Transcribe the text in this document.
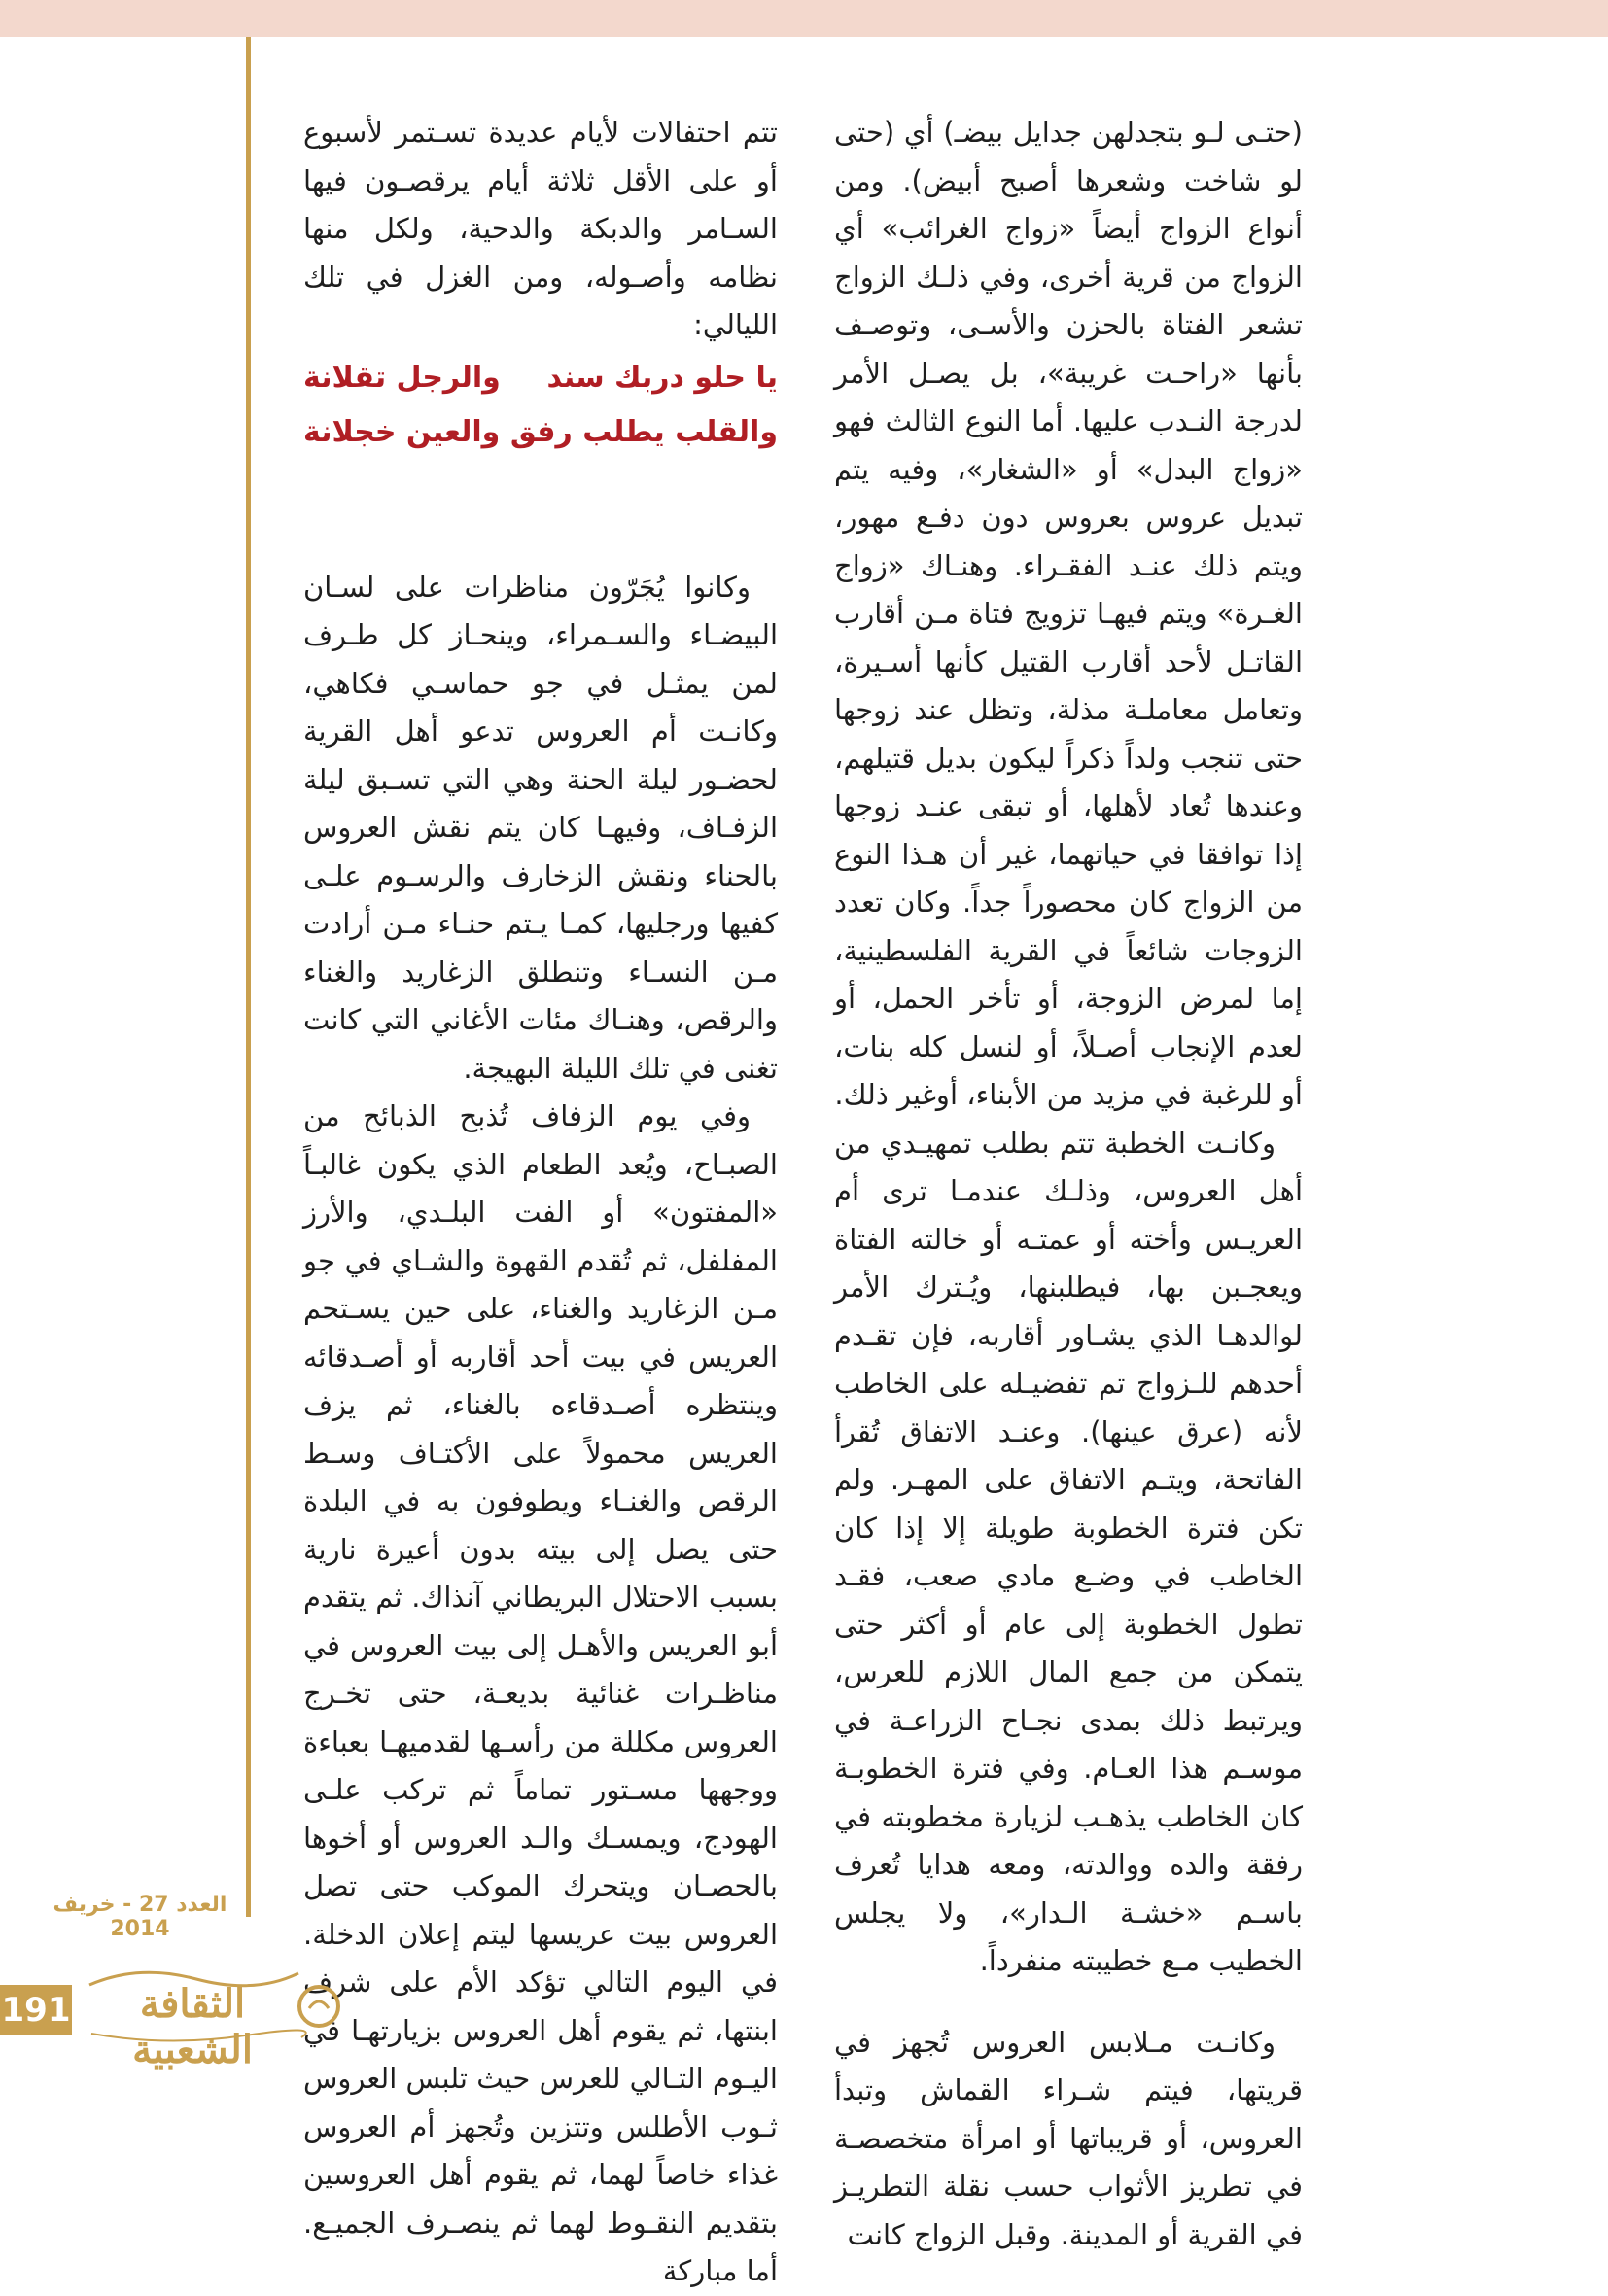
(حتـى لـو بتجدلهن جدايل بيضـ) أي (حتى لو شاخت وشعرها أصبح أبيض). ومن أنواع الزواج أيضاً «زواج الغرائب» أي الزواج من قرية أخرى، وفي ذلـك الزواج تشعر الفتاة بالحزن والأسـى، وتوصـف بأنها «راحـت غريبة»، بل يصـل الأمر لدرجة النـدب عليها. أما النوع الثالث فهو «زواج البدل» أو «الشغار»، وفيه يتم تبديل عروس بعروس دون دفـع مهور، ويتم ذلك عنـد الفقـراء. وهنـاك «زواج الغـرة» ويتم فيهـا تزويج فتاة مـن أقارب القاتـل لأحد أقارب القتيل كأنها أسـيرة، وتعامل معاملـة مذلة، وتظل عند زوجها حتى تنجب ولداً ذكراً ليكون بديل قتيلهم، وعندها تُعاد لأهلها، أو تبقى عنـد زوجها إذا توافقا في حياتهما، غير أن هـذا النوع من الزواج كان محصوراً جداً. وكان تعدد الزوجات شائعاً في القرية الفلسطينية، إما لمرض الزوجة، أو تأخر الحمل، أو لعدم الإنجاب أصـلاً، أو لنسل كله بنات، أو للرغبة في مزيد من الأبناء، أوغير ذلك.

وكانـت الخطبة تتم بطلب تمهيـدي من أهل العروس، وذلـك عندمـا ترى أم العريـس وأخته أو عمتـه أو خالته الفتاة ويعجـبن بها، فيطلبنها، ويُـترك الأمر لوالدهـا الذي يشـاور أقاربه، فإن تقـدم أحدهم للـزواج تم تفضيـله على الخاطب لأنه (عرق عينها). وعنـد الاتفاق تُقرأ الفاتحة، ويتـم الاتفاق على المهـر. ولم تكن فترة الخطوبة طويلة إلا إذا كان الخاطب في وضـع مادي صعب، فقـد تطول الخطوبة إلى عام أو أكثر حتى يتمكن من جمع المال اللازم للعرس، ويرتبط ذلك بمدى نجـاح الزراعـة في موسـم هذا العـام. وفي فترة الخطوبـة كان الخاطب يذهـب لزيارة مخطوبته في رفقة والده ووالدته، ومعه هدايا تُعرف باسـم «خشـة الـدار»، ولا يجلس الخطيب مـع خطيبته منفرداً.

وكانـت مـلابس العروس تُجهز في قريتها، فيتم شـراء القماش وتبدأ العروس، أو قريباتها أو امرأة متخصصـة في تطريز الأثواب حسب نقلة التطريـز في القرية أو المدينة. وقبل الزواج كانت

تتم احتفالات لأيام عديدة تسـتمر لأسبوع أو على الأقل ثلاثة أيام يرقصـون فيها السـامر والدبكة والدحية، ولكل منها نظامه وأصـوله، ومن الغزل في تلك الليالي:

يا حلو دربك سند
والرجل تقلانة
والقلب يطلب رفق
والعين خجلانة

وكانوا يُجَرّون مناظرات على لسـان البيضـاء والسـمراء، وينحـاز كل طـرف لمن يمثـل في جو حماسـي فكاهي، وكانـت أم العروس تدعو أهل القرية لحضـور ليلة الحنة وهي التي تسـبق ليلة الزفـاف، وفيهـا كان يتم نقش العروس بالحناء ونقش الزخارف والرسـوم علـى كفيها ورجليها، كمـا يـتم حنـاء مـن أرادت مـن النسـاء وتنطلق الزغاريد والغناء والرقص، وهنـاك مئات الأغاني التي كانت تغنى في تلك الليلة البهيجة.

وفي يوم الزفاف تُذبح الذبائح من الصبـاح، ويُعد الطعام الذي يكون غالبـاً «المفتون» أو الفت البلـدي، والأرز المفلفل، ثم تُقدم القهوة والشـاي في جو مـن الزغاريد والغناء، على حين يسـتحم العريس في بيت أحد أقاربه أو أصـدقائه وينتظره أصـدقاءه بالغناء، ثم يزف العريس محمولاً على الأكتـاف وسـط الرقص والغنـاء ويطوفون به في البلدة حتى يصل إلى بيته بدون أعيرة نارية بسبب الاحتلال البريطاني آنذاك. ثم يتقدم أبو العريس والأهـل إلى بيت العروس في مناظـرات غنائية بديعـة، حتى تخـرج العروس مكللة من رأسـها لقدميهـا بعباءة ووجهها مسـتور تماماً ثم تركب علـى الهودج، ويمسـك والـد العروس أو أخوها بالحصـان ويتحرك الموكب حتى تصل العروس بيت عريسها ليتم إعلان الدخلة. في اليوم التالي تؤكد الأم على شرف ابنتها، ثم يقوم أهل العروس بزيارتهـا في اليـوم التـالي للعرس حيث تلبس العروس ثـوب الأطلس وتتزين وتُجهز أم العروس غذاء خاصاً لهما، ثم يقوم أهل العروسين بتقديم النقـوط لهما ثم ينصـرف الجميـع. أما مباركة

العدد 27 - خريف 2014
191	الثقافة الشعبية
